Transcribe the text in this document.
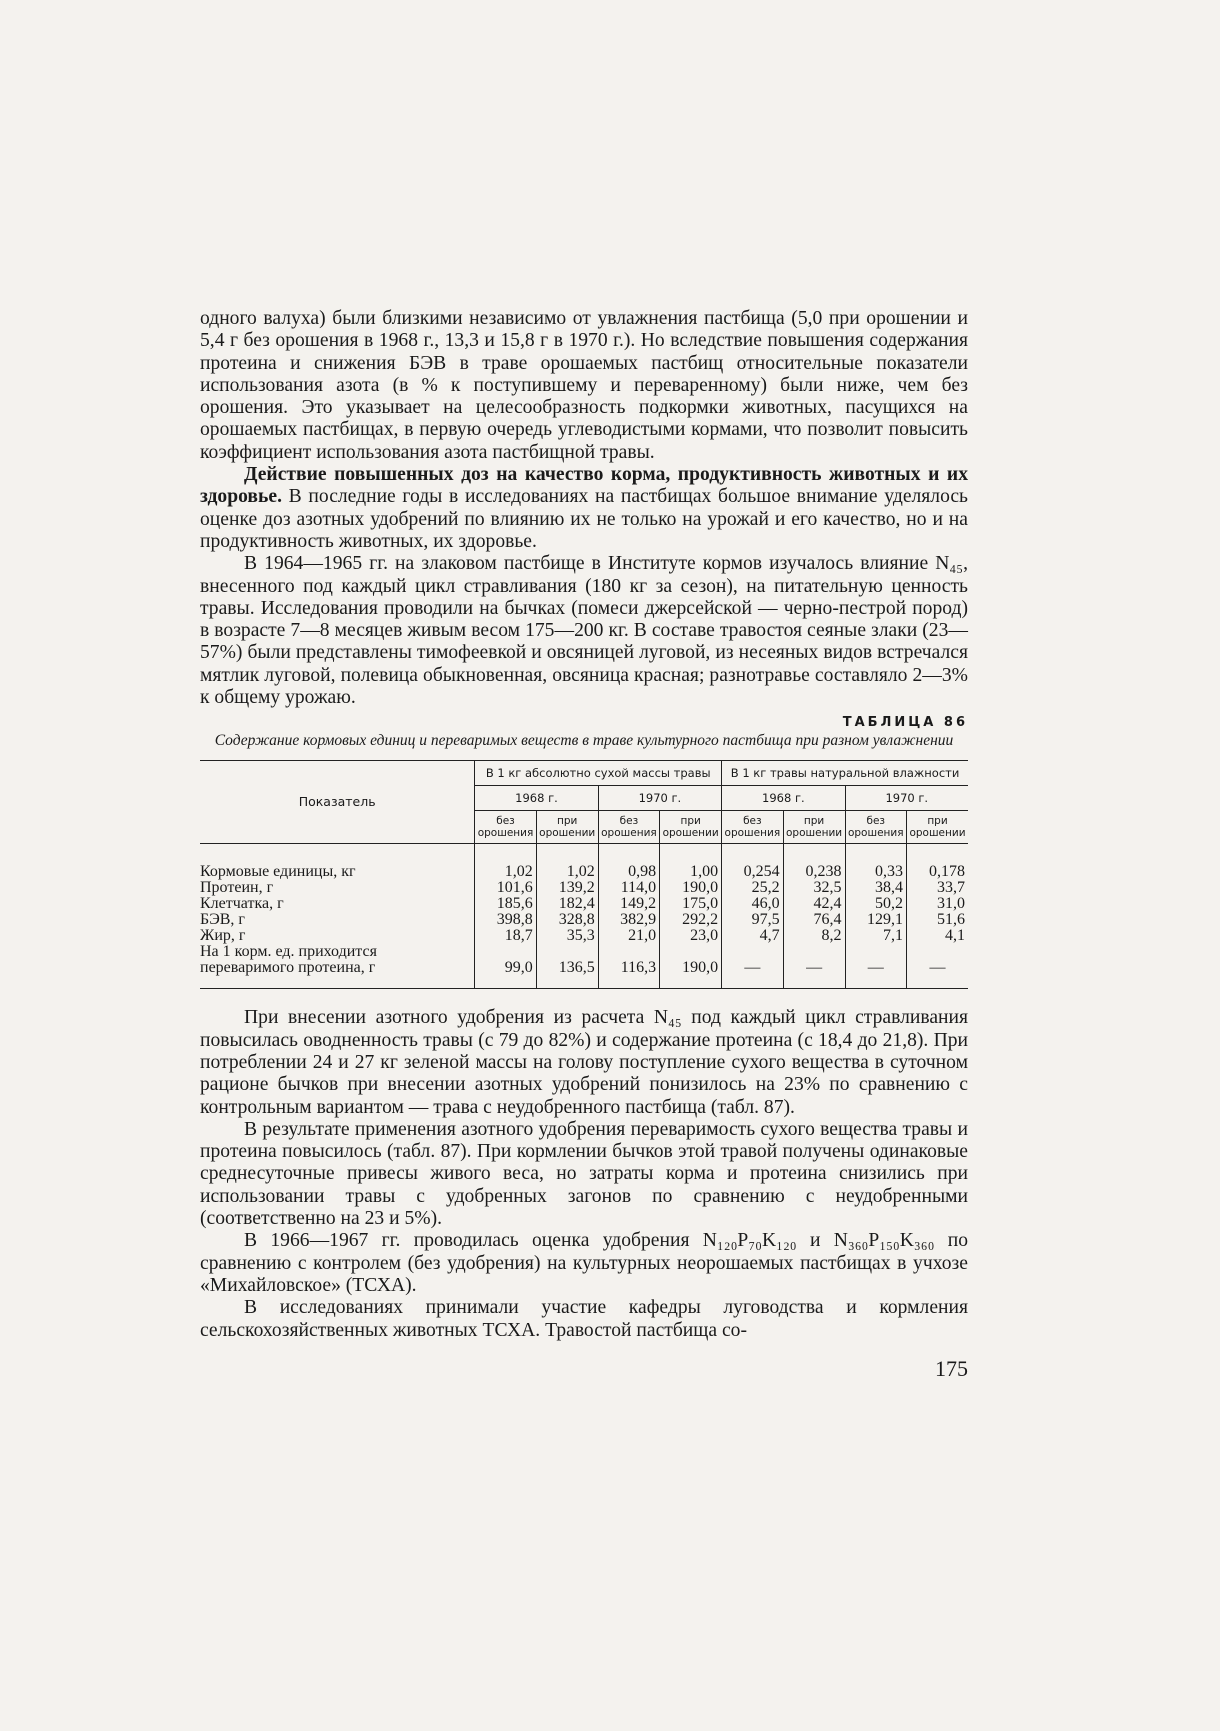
одного валуха) были близкими независимо от увлажнения пастбища (5,0 при орошении и 5,4 г без орошения в 1968 г., 13,3 и 15,8 г в 1970 г.). Но вследствие повышения содержания протеина и снижения БЭВ в траве орошаемых пастбищ относительные показатели использования азота (в % к поступившему и переваренному) были ниже, чем без орошения. Это указывает на целесообразность подкормки животных, пасущихся на орошаемых пастбищах, в первую очередь углеводистыми кормами, что позволит повысить коэффициент использования азота пастбищной травы.

Действие повышенных доз на качество корма, продуктивность животных и их здоровье. В последние годы в исследованиях на пастбищах большое внимание уделялось оценке доз азотных удобрений по влиянию их не только на урожай и его качество, но и на продуктивность животных, их здоровье.

В 1964—1965 гг. на злаковом пастбище в Институте кормов изучалось влияние N₄₅, внесенного под каждый цикл стравливания (180 кг за сезон), на питательную ценность травы. Исследования проводили на бычках (помеси джерсейской — черно-пестрой пород) в возрасте 7—8 месяцев живым весом 175—200 кг. В составе травостоя сеяные злаки (23—57%) были представлены тимофеевкой и овсяницей луговой, из несеяных видов встречался мятлик луговой, полевица обыкновенная, овсяница красная; разнотравье составляло 2—3% к общему урожаю.

ТАБЛИЦА 86
Содержание кормовых единиц и переваримых веществ в траве культурного пастбища при разном увлажнении
Показатель	В 1 кг абсолютно сухой массы травы				В 1 кг травы натуральной влажности			
	1968 г.		1970 г.		1968 г.		1970 г.	
	без орошения	при орошении	без орошения	при орошении	без орошения	при орошении	без орошения	при орошении
Кормовые единицы, кг	1,02	1,02	0,98	1,00	0,254	0,238	0,33	0,178
Протеин, г	101,6	139,2	114,0	190,0	25,2	32,5	38,4	33,7
Клетчатка, г	185,6	182,4	149,2	175,0	46,0	42,4	50,2	31,0
БЭВ, г	398,8	328,8	382,9	292,2	97,5	76,4	129,1	51,6
Жир, г	18,7	35,3	21,0	23,0	4,7	8,2	7,1	4,1
На 1 корм. ед. приходится переваримого протеина, г	99,0	136,5	116,3	190,0	—	—	—	—

При внесении азотного удобрения из расчета N₄₅ под каждый цикл стравливания повысилась оводненность травы (с 79 до 82%) и содержание протеина (с 18,4 до 21,8). При потреблении 24 и 27 кг зеленой массы на голову поступление сухого вещества в суточном рационе бычков при внесении азотных удобрений понизилось на 23% по сравнению с контрольным вариантом — трава с неудобренного пастбища (табл. 87).

В результате применения азотного удобрения переваримость сухого вещества травы и протеина повысилось (табл. 87). При кормлении бычков этой травой получены одинаковые среднесуточные привесы живого веса, но затраты корма и протеина снизились при использовании травы с удобренных загонов по сравнению с неудобренными (соответственно на 23 и 5%).

В 1966—1967 гг. проводилась оценка удобрения N₁₂₀P₇₀K₁₂₀ и N₃₆₀P₁₅₀K₃₆₀ по сравнению с контролем (без удобрения) на культурных неорошаемых пастбищах в учхозе «Михайловское» (ТСХА).

В исследованиях принимали участие кафедры луговодства и кормления сельскохозяйственных животных ТСХА. Травостой пастбища со-

175
